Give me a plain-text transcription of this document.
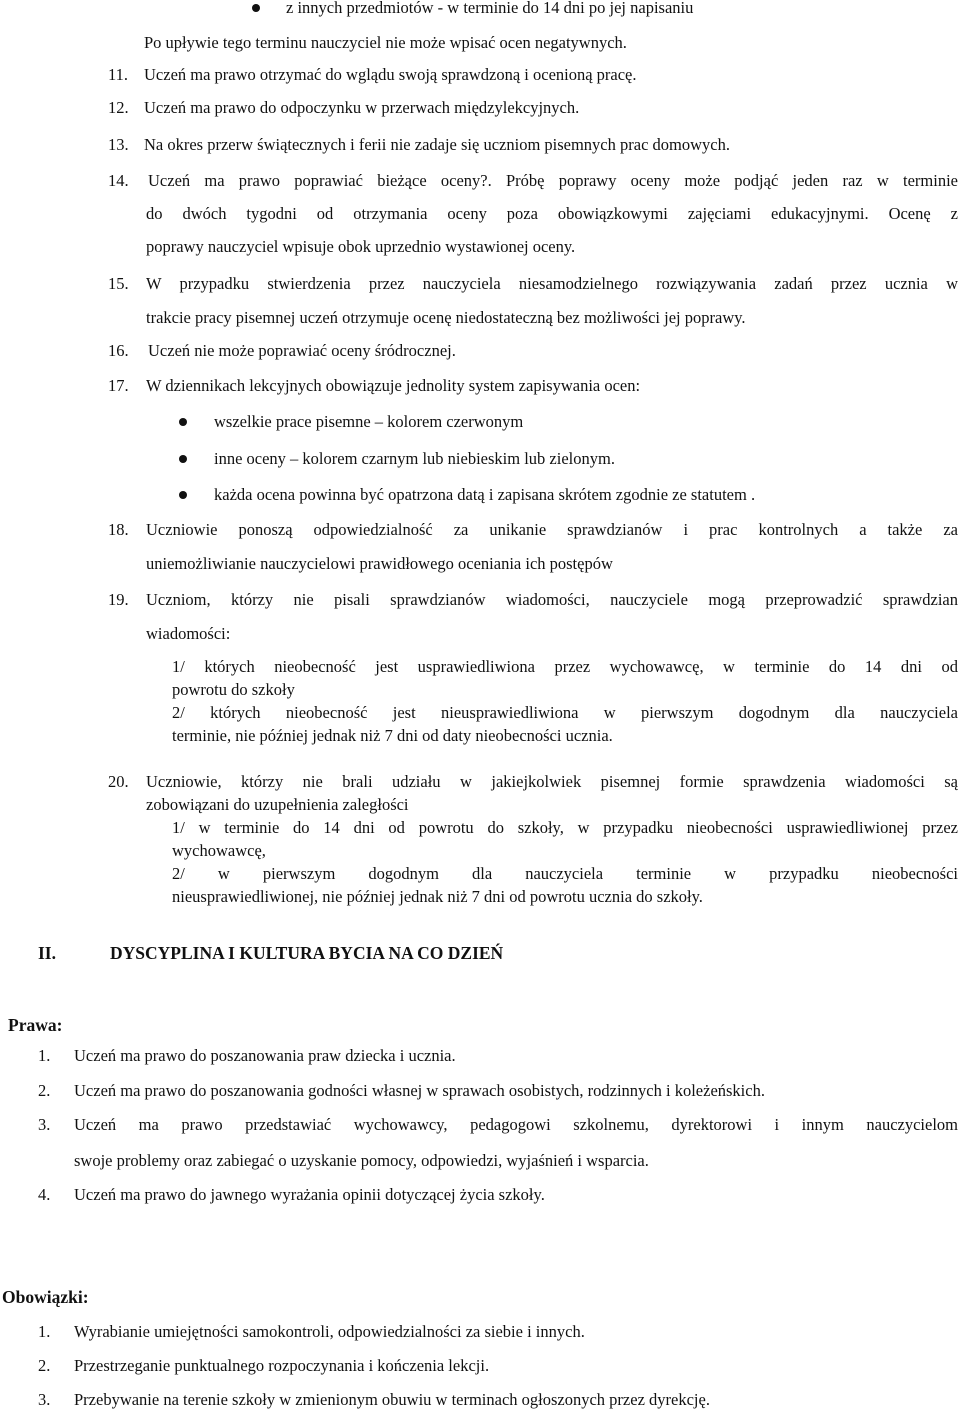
z innych przedmiotów - w terminie do 14 dni po jej napisaniu
Po upływie tego terminu nauczyciel nie może wpisać ocen negatywnych.
11. Uczeń ma prawo otrzymać do wglądu swoją sprawdzoną i ocenioną pracę.
12. Uczeń ma prawo do odpoczynku w przerwach międzylekcyjnych.
13. Na okres przerw świątecznych i ferii nie zadaje się uczniom pisemnych prac domowych.
14. Uczeń ma prawo poprawiać bieżące oceny?. Próbę poprawy oceny może podjąć jeden raz w terminie
do dwóch tygodni od otrzymania oceny poza obowiązkowymi zajęciami edukacyjnymi. Ocenę z
poprawy nauczyciel wpisuje obok uprzednio wystawionej oceny.
15. W przypadku stwierdzenia przez nauczyciela niesamodzielnego rozwiązywania zadań przez ucznia w
trakcie pracy pisemnej uczeń otrzymuje ocenę niedostateczną bez możliwości jej poprawy.
16. Uczeń nie może poprawiać oceny śródrocznej.
17. W dziennikach lekcyjnych obowiązuje jednolity system zapisywania ocen:
wszelkie prace pisemne – kolorem czerwonym
inne oceny – kolorem czarnym lub niebieskim lub zielonym.
każda ocena powinna być opatrzona datą i zapisana skrótem zgodnie ze statutem .
18. Uczniowie ponoszą odpowiedzialność za unikanie sprawdzianów i prac kontrolnych a także za
uniemożliwianie nauczycielowi prawidłowego oceniania ich postępów
19. Uczniom, którzy nie pisali sprawdzianów wiadomości, nauczyciele mogą przeprowadzić sprawdzian
wiadomości:
1/ których nieobecność jest usprawiedliwiona przez wychowawcę, w terminie do 14 dni od
powrotu do szkoły
2/ których nieobecność jest nieusprawiedliwiona w pierwszym dogodnym dla nauczyciela
terminie, nie później jednak niż 7 dni od daty nieobecności ucznia.
20. Uczniowie, którzy nie brali udziału w jakiejkolwiek pisemnej formie sprawdzenia wiadomości są
zobowiązani do uzupełnienia zaległości
1/ w terminie do 14 dni od powrotu do szkoły, w przypadku nieobecności usprawiedliwionej przez
wychowawcę,
2/ w pierwszym dogodnym dla nauczyciela terminie w przypadku nieobecności
nieusprawiedliwionej, nie później jednak niż 7 dni od powrotu ucznia do szkoły.
II.	DYSCYPLINA I KULTURA BYCIA NA CO DZIEŃ
Prawa:
1. Uczeń ma prawo do poszanowania praw dziecka i ucznia.
2. Uczeń ma prawo do poszanowania godności własnej w sprawach osobistych, rodzinnych i koleżeńskich.
3. Uczeń ma prawo przedstawiać wychowawcy, pedagogowi szkolnemu, dyrektorowi i innym nauczycielom
swoje problemy oraz zabiegać o uzyskanie pomocy, odpowiedzi, wyjaśnień i wsparcia.
4. Uczeń ma prawo do jawnego wyrażania opinii dotyczącej życia szkoły.
Obowiązki:
1. Wyrabianie umiejętności samokontroli, odpowiedzialności za siebie i innych.
2. Przestrzeganie punktualnego rozpoczynania i kończenia lekcji.
3. Przebywanie na terenie szkoły w zmienionym obuwiu w terminach ogłoszonych przez dyrekcję.
